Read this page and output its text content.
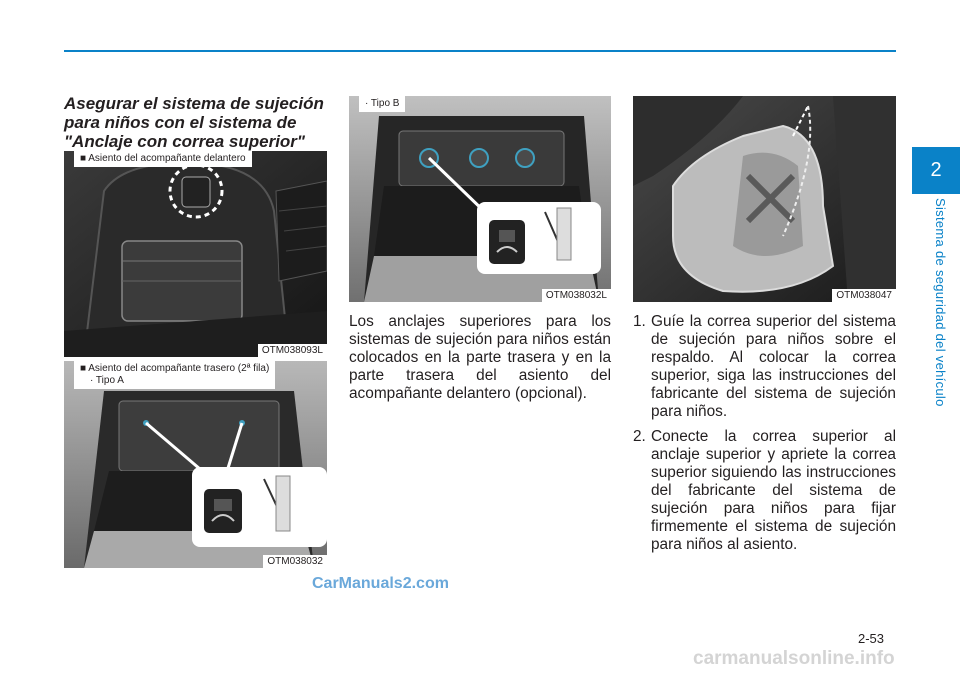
2
Sistema de seguridad del vehículo
Asegurar el sistema de sujeción para niños con el sistema de "Anclaje con correa superior"
■ Asiento del acompañante delantero
OTM038093L
■ Asiento del acompañante trasero (2ª fila)
· Tipo A
OTM038032
· Tipo B
OTM038032L	OTM038047
Los anclajes superiores para los sistemas de sujeción para niños están colocados en la parte trasera y en la parte trasera del asiento del acompañante delantero (opcional).
1. Guíe la correa superior del sistema de sujeción para niños sobre el respaldo. Al colocar la correa superior, siga las instrucciones del fabricante del sistema de sujeción para niños.
2. Conecte la correa superior al anclaje superior y apriete la correa superior siguiendo las instrucciones del fabricante del sistema de sujeción para niños para fijar firmemente el sistema de sujeción para niños al asiento.
CarManuals2.com
2-53
carmanualsonline.info
